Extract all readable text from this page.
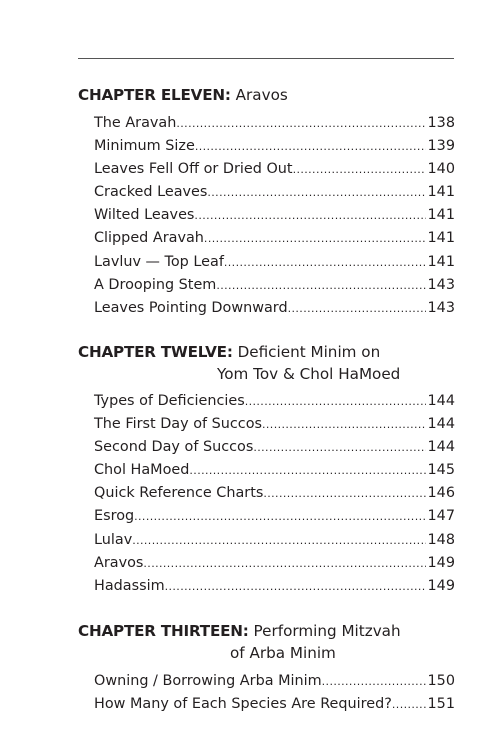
CHAPTER ELEVEN: Aravos
The Aravah .....	138
Minimum Size .....	139
Leaves Fell Off or Dried Out .....	140
Cracked Leaves .....	141
Wilted Leaves .....	141
Clipped Aravah .....	141
Lavluv — Top Leaf .....	141
A Drooping Stem .....	143
Leaves Pointing Downward .....	143
CHAPTER TWELVE: Deficient Minim on
Yom Tov & Chol HaMoed
Types of Deficiencies .....	144
The First Day of Succos .....	144
Second Day of Succos .....	144
Chol HaMoed .....	145
Quick Reference Charts .....	146
Esrog .....	147
Lulav .....	148
Aravos .....	149
Hadassim .....	149
CHAPTER THIRTEEN: Performing Mitzvah
of Arba Minim
Owning / Borrowing Arba Minim .....	150
How Many of Each Species Are Required? ..... 151
